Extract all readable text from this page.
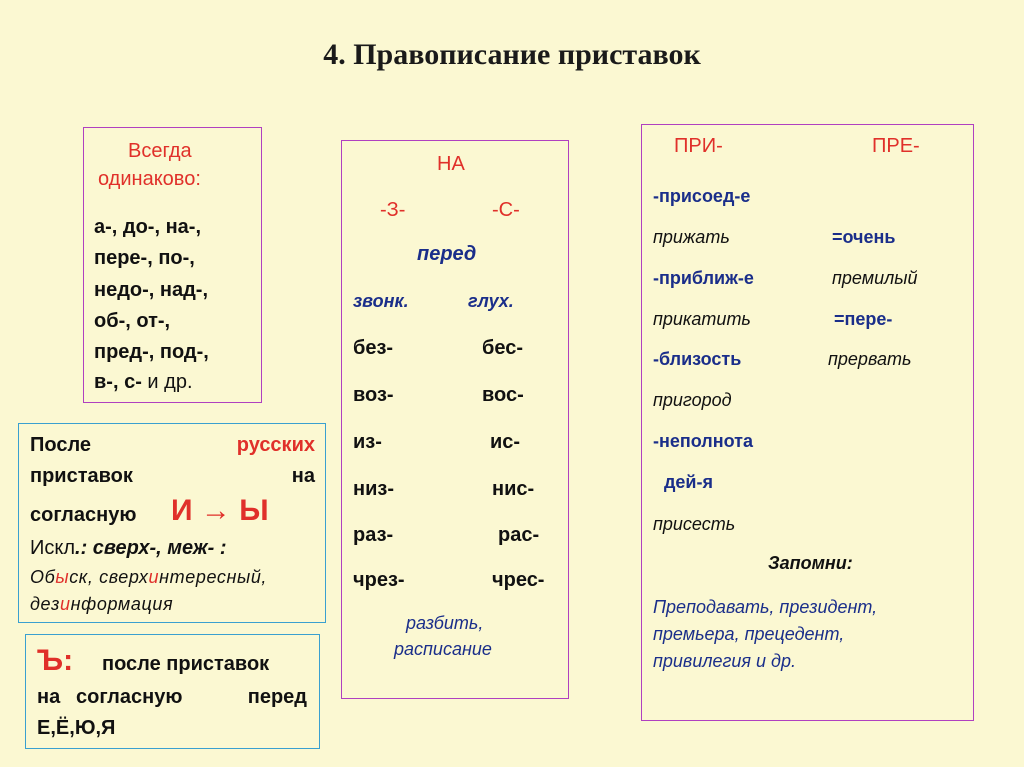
4. Правописание приставок
Всегда
одинаково:
а-, до-, на-,
пере-, по-,
недо-, над-,
об-, от-,
пред-, под-,
в-, с- и др.
После	русских
приставок	на
согласную И → Ы
Искл.: сверх-, меж- :
Обыск, сверхинтересный,
дезинформация
Ъ: после приставок
на согласную	перед
Е,Ё,Ю,Я
НА
-З-	-С-
перед
звонк.	глух.
без-	бес-
воз-	вос-
из-	ис-
низ-	нис-
раз-	рас-
чрез-	чрес-
разбить,
расписание
ПРИ-	ПРЕ-
-присоед-е
прижать	=очень
-приближ-е	премилый
прикатить	=пере-
-близость	прервать
пригород
-неполнота
дей-я
присесть
Запомни:
Преподавать, президент,
премьера, прецедент,
привилегия и др.
